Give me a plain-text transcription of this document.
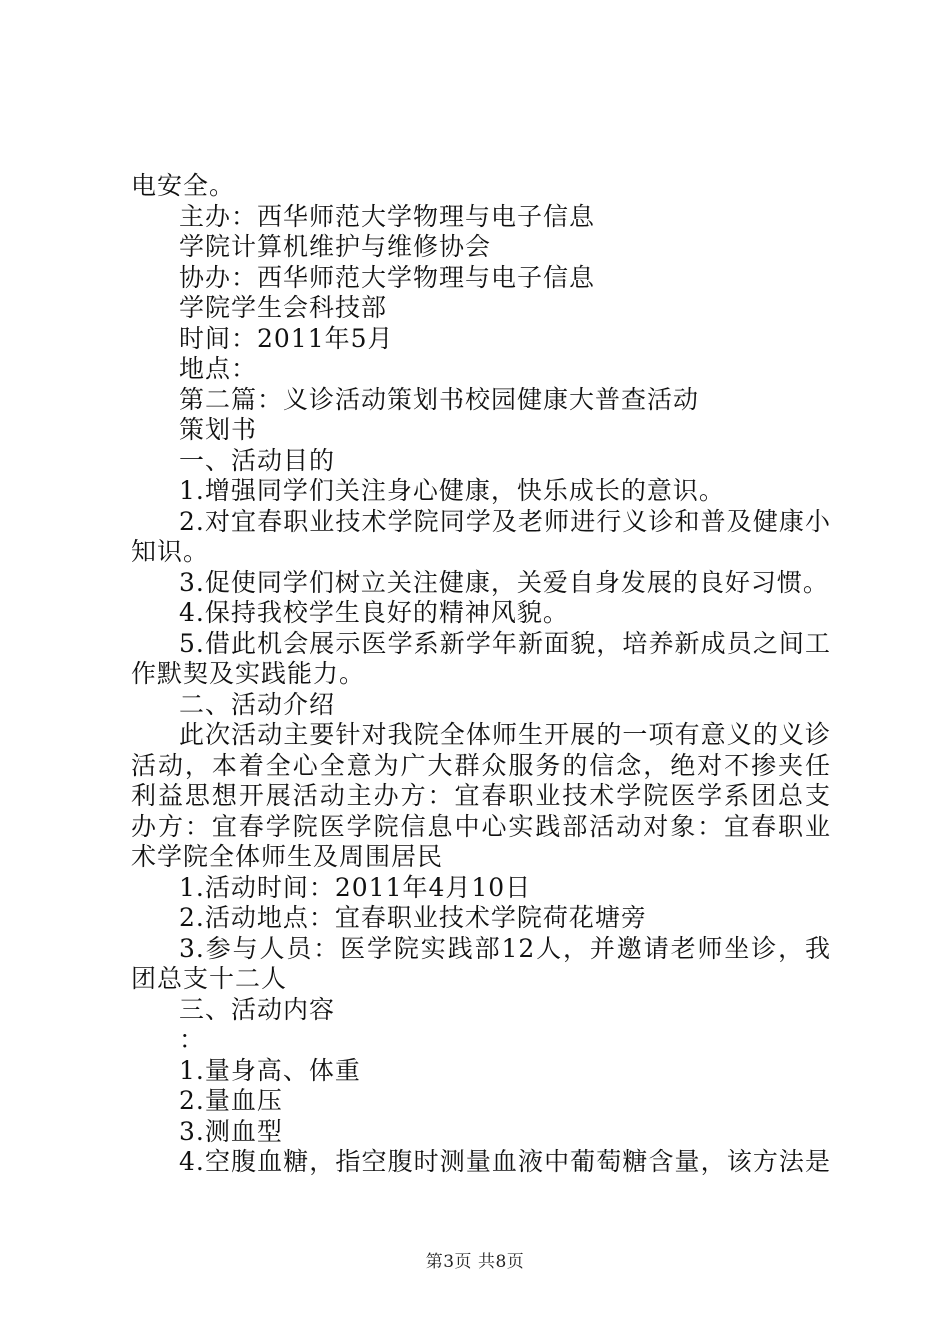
电安全。
主办：西华师范大学物理与电子信息
学院计算机维护与维修协会
协办：西华师范大学物理与电子信息
学院学生会科技部
时间：2011年5月
地点：
第二篇：义诊活动策划书校园健康大普查活动
策划书
一、活动目的
1.增强同学们关注身心健康，快乐成长的意识。
2.对宜春职业技术学院同学及老师进行义诊和普及健康小
知识。
3.促使同学们树立关注健康，关爱自身发展的良好习惯。
4.保持我校学生良好的精神风貌。
5.借此机会展示医学系新学年新面貌，培养新成员之间工
作默契及实践能力。
二、活动介绍
此次活动主要针对我院全体师生开展的一项有意义的义诊
活动，本着全心全意为广大群众服务的信念，绝对不掺夹任
利益思想开展活动主办方：宜春职业技术学院医学系团总支
办方：宜春学院医学院信息中心实践部活动对象：宜春职业
术学院全体师生及周围居民
1.活动时间：2011年4月10日
2.活动地点：宜春职业技术学院荷花塘旁
3.参与人员：医学院实践部12人，并邀请老师坐诊，我
团总支十二人
三、活动内容
：
1.量身高、体重
2.量血压
3.测血型
4.空腹血糖，指空腹时测量血液中葡萄糖含量，该方法是
第3页 共8页
